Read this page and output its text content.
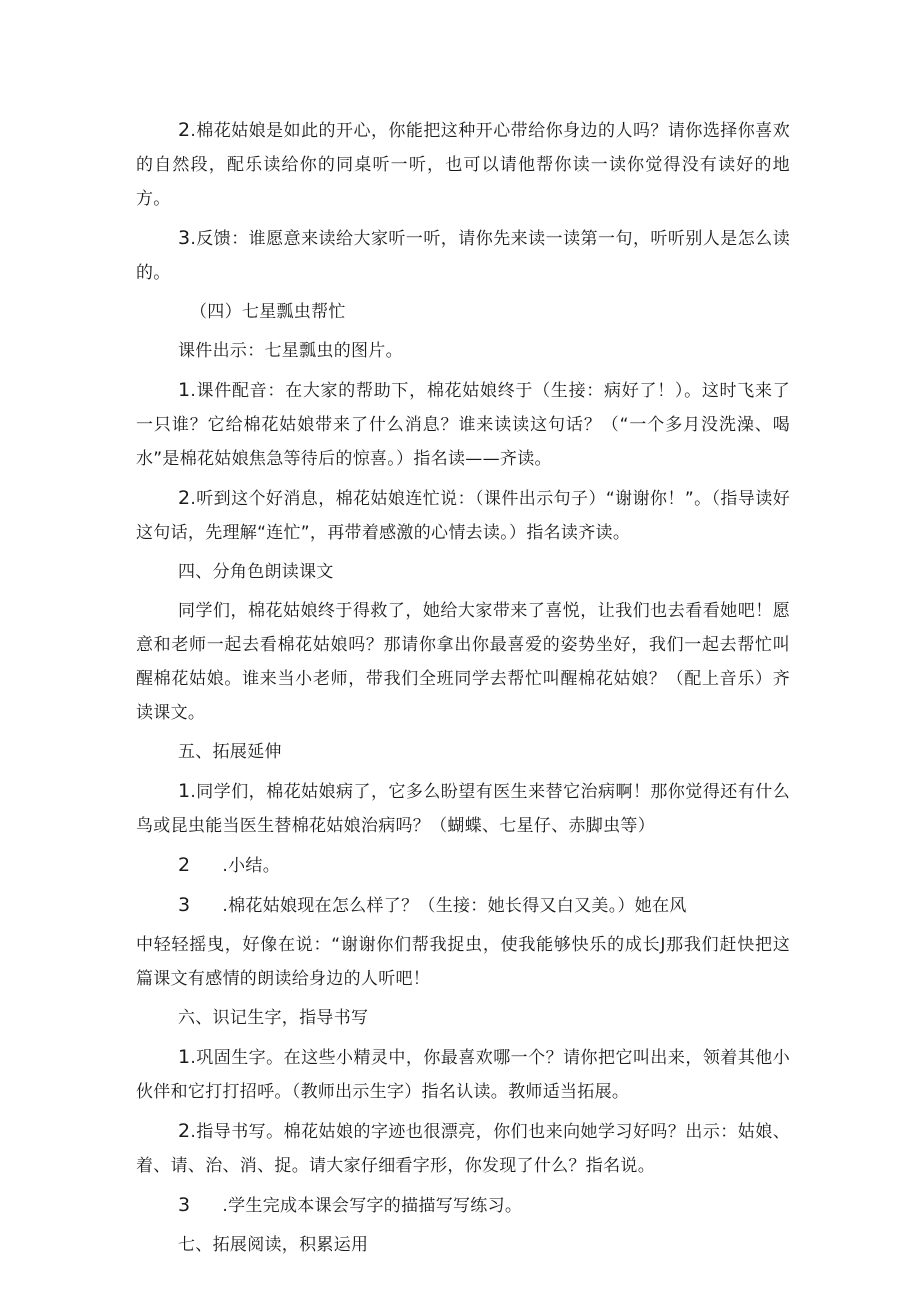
2.棉花姑娘是如此的开心，你能把这种开心带给你身边的人吗？请你选择你喜欢的自然段，配乐读给你的同桌听一听，也可以请他帮你读一读你觉得没有读好的地方。

3.反馈：谁愿意来读给大家听一听，请你先来读一读第一句，听听别人是怎么读的。

（四）七星瓢虫帮忙

课件出示：七星瓢虫的图片。

1.课件配音：在大家的帮助下，棉花姑娘终于（生接：病好了！）。这时飞来了一只谁？它给棉花姑娘带来了什么消息？谁来读读这句话？（“一个多月没洗澡、喝水”是棉花姑娘焦急等待后的惊喜。）指名读——齐读。

2.听到这个好消息，棉花姑娘连忙说：（课件出示句子）“谢谢你！”。（指导读好这句话，先理解“连忙”，再带着感激的心情去读。）指名读齐读。

四、分角色朗读课文

同学们，棉花姑娘终于得救了，她给大家带来了喜悦，让我们也去看看她吧！愿意和老师一起去看棉花姑娘吗？那请你拿出你最喜爱的姿势坐好，我们一起去帮忙叫醒棉花姑娘。谁来当小老师，带我们全班同学去帮忙叫醒棉花姑娘？（配上音乐）齐读课文。

五、拓展延伸

1.同学们，棉花姑娘病了，它多么盼望有医生来替它治病啊！那你觉得还有什么鸟或昆虫能当医生替棉花姑娘治病吗？（蝴蝶、七星仔、赤脚虫等）

2 .小结。

3 .棉花姑娘现在怎么样了？（生接：她长得又白又美。）她在风

中轻轻摇曳，好像在说：“谢谢你们帮我捉虫，使我能够快乐的成长J那我们赶快把这篇课文有感情的朗读给身边的人听吧！

六、识记生字，指导书写

1.巩固生字。在这些小精灵中，你最喜欢哪一个？请你把它叫出来，领着其他小伙伴和它打打招呼。（教师出示生字）指名认读。教师适当拓展。

2.指导书写。棉花姑娘的字迹也很漂亮，你们也来向她学习好吗？出示：姑娘、着、请、治、消、捉。请大家仔细看字形，你发现了什么？指名说。

3 .学生完成本课会写字的描描写写练习。

七、拓展阅读，积累运用
